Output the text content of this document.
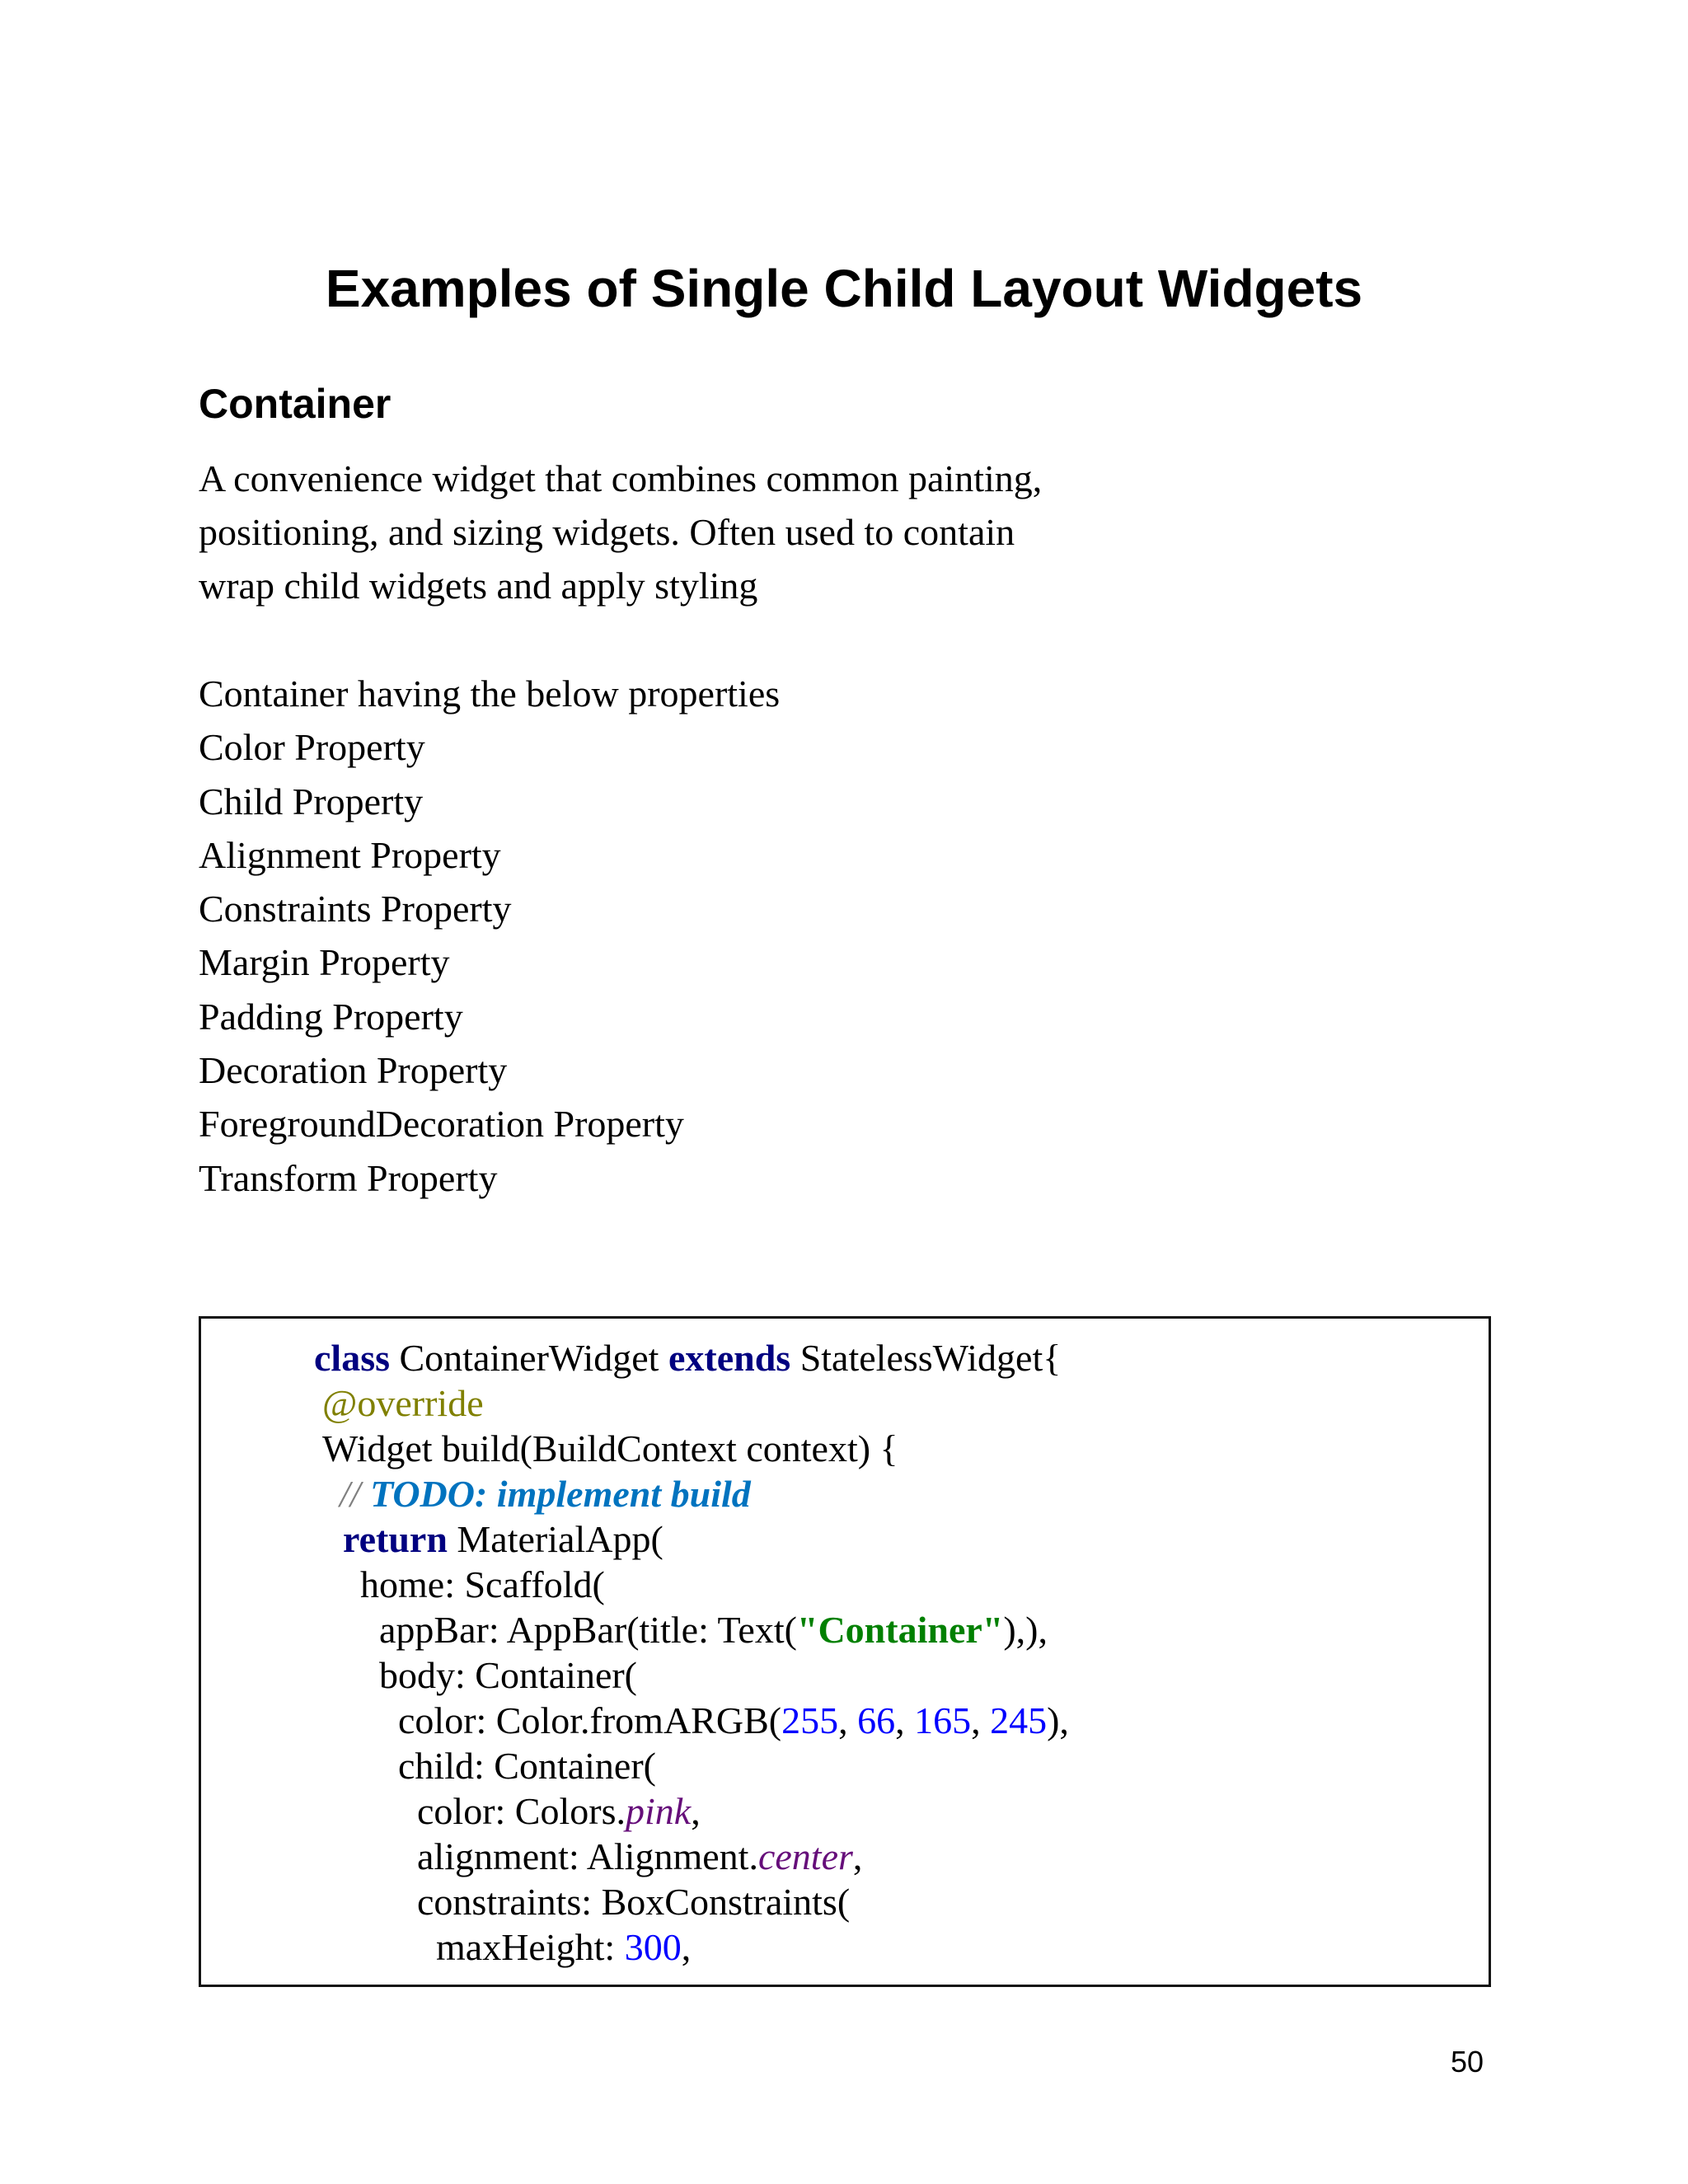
Examples of Single Child Layout Widgets
Container
A convenience widget that combines common painting,
positioning, and sizing widgets. Often used to contain
wrap child widgets and apply styling
Container having the below properties
Color Property
Child Property
Alignment Property
Constraints Property
Margin Property
Padding Property
Decoration Property
ForegroundDecoration Property
Transform Property
class ContainerWidget extends StatelessWidget{
@override
Widget build(BuildContext context) {
// TODO: implement build
return MaterialApp(
home: Scaffold(
appBar: AppBar(title: Text("Container"),),
body: Container(
color: Color.fromARGB(255, 66, 165, 245),
child: Container(
color: Colors.pink,
alignment: Alignment.center,
constraints: BoxConstraints(
maxHeight: 300,
50
